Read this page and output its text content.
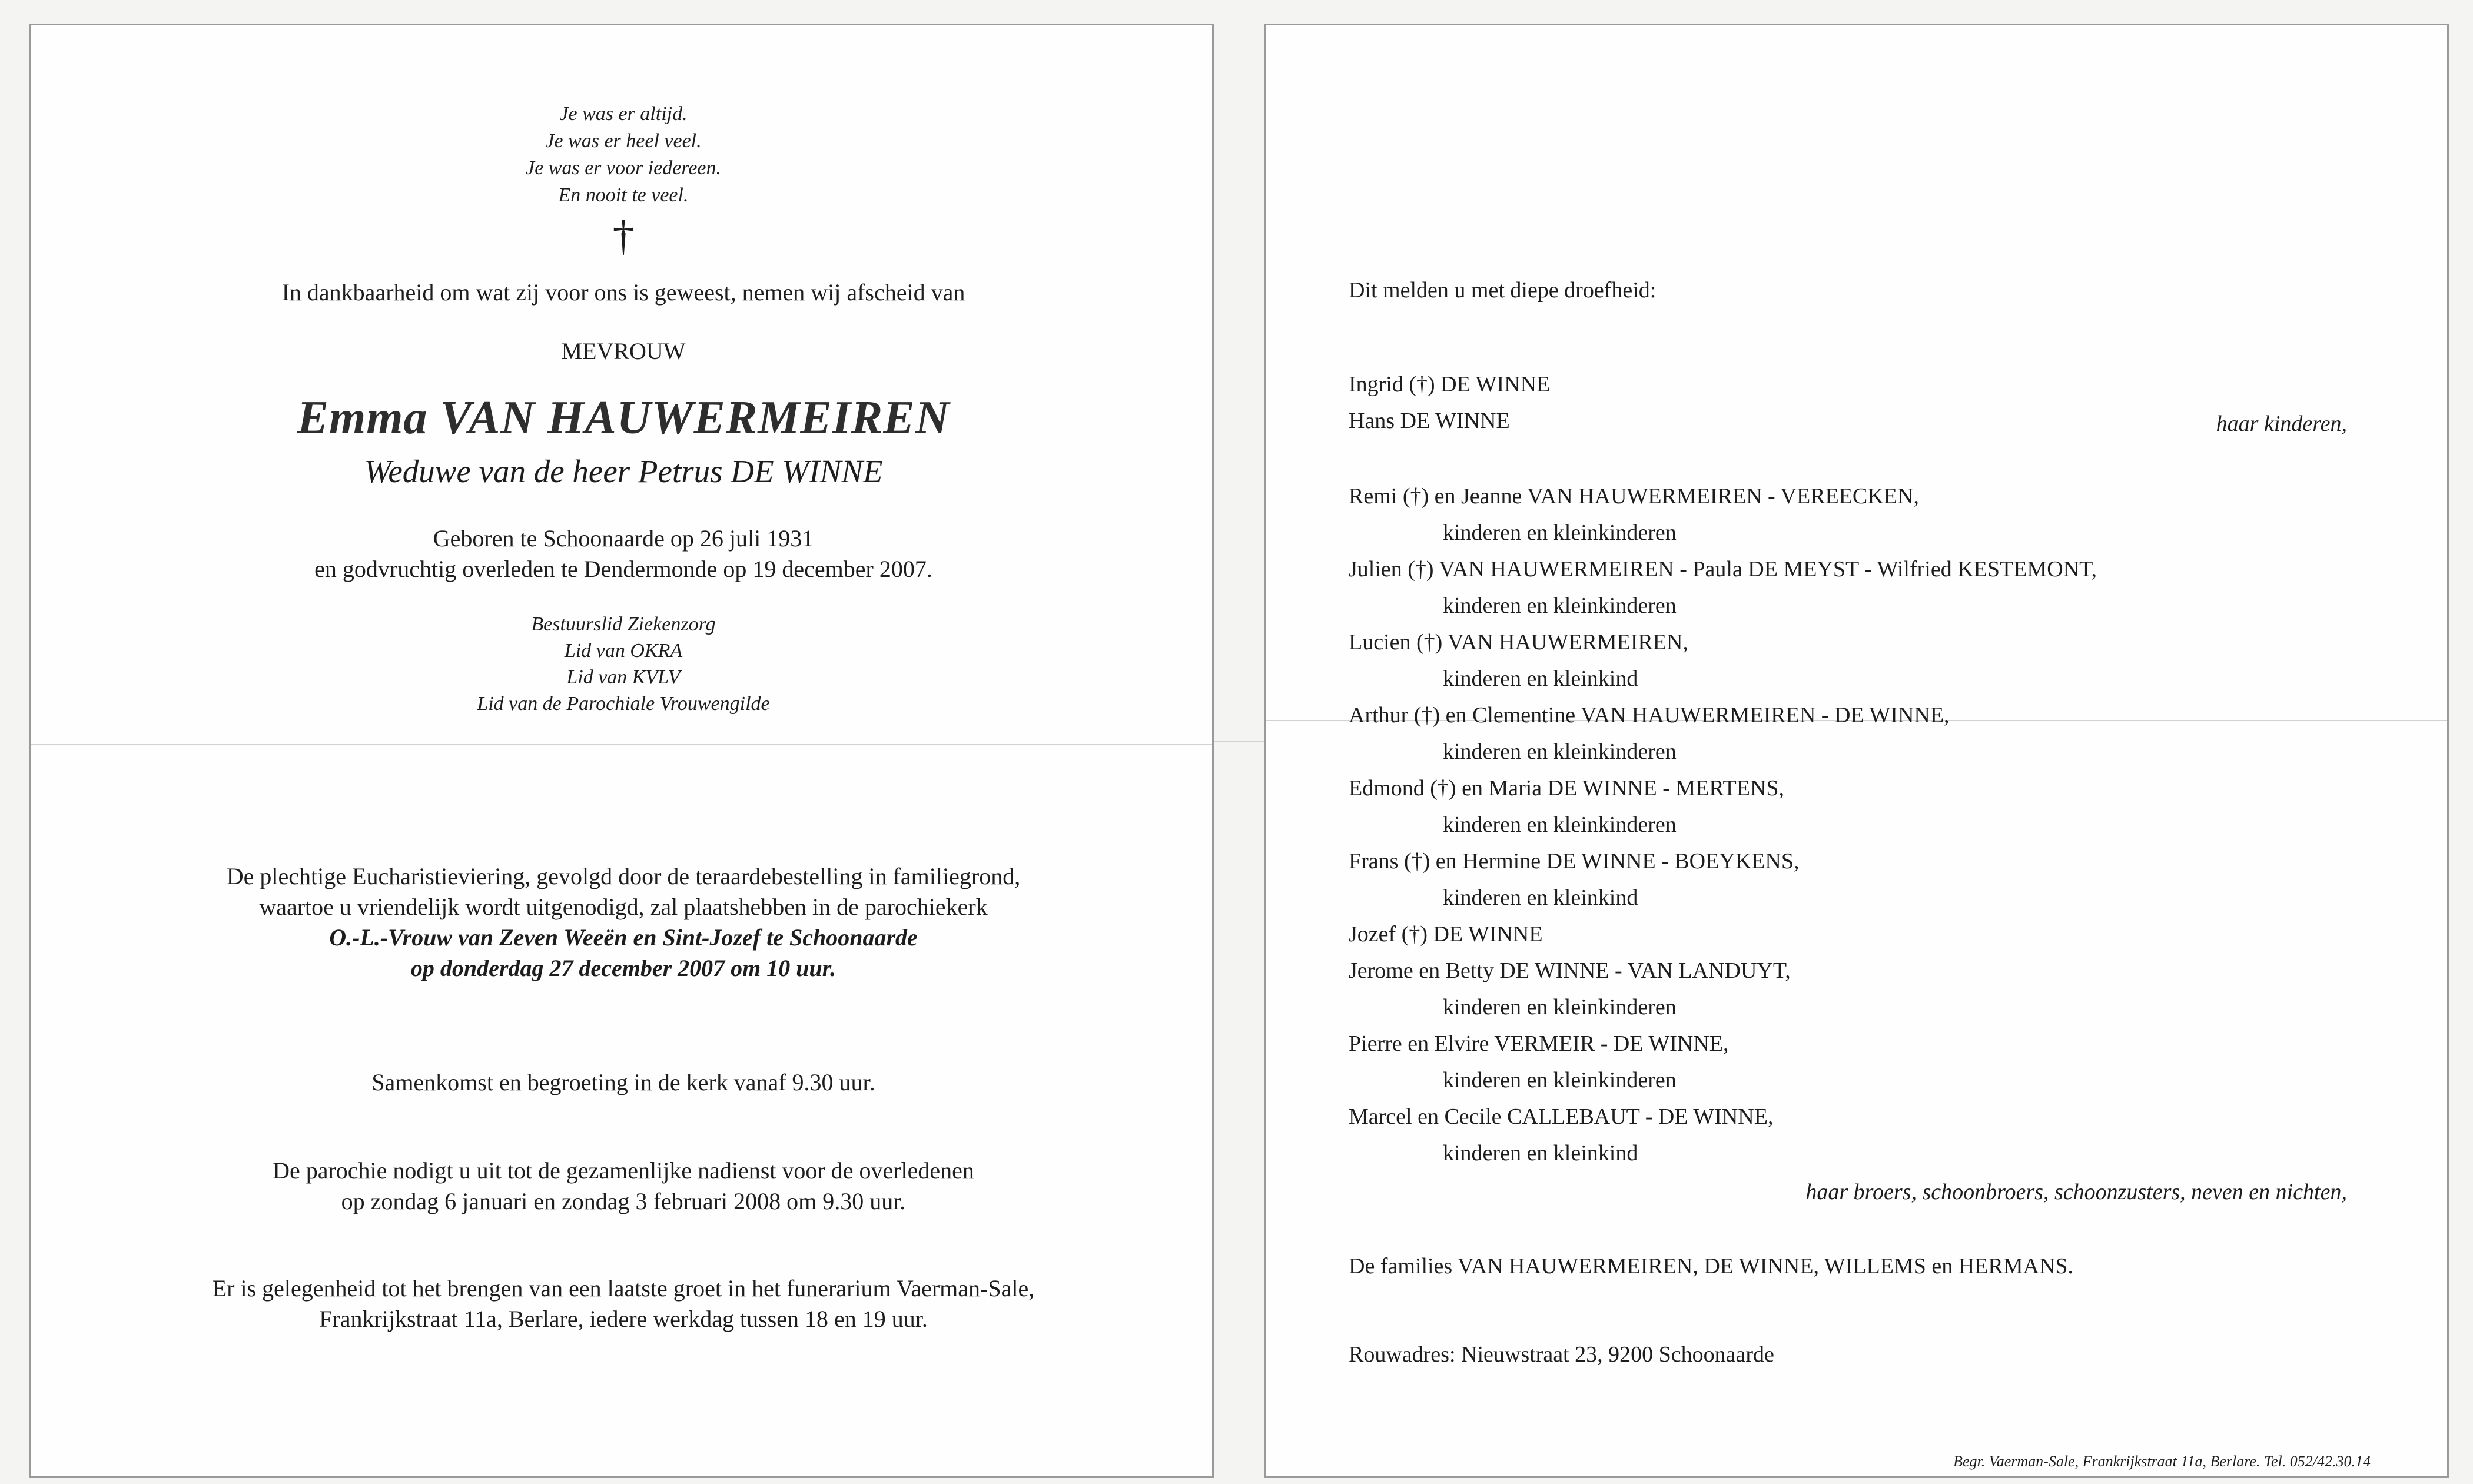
Je was er altijd.
Je was er heel veel.
Je was er voor iedereen.
En nooit te veel.
†
In dankbaarheid om wat zij voor ons is geweest, nemen wij afscheid van
MEVROUW
Emma VAN HAUWERMEIREN
Weduwe van de heer Petrus DE WINNE
Geboren te Schoonaarde op 26 juli 1931
en godvruchtig overleden te Dendermonde op 19 december 2007.
Bestuurslid Ziekenzorg
Lid van OKRA
Lid van KVLV
Lid van de Parochiale Vrouwengilde
De plechtige Eucharistieviering, gevolgd door de teraardebestelling in familiegrond,
waartoe u vriendelijk wordt uitgenodigd, zal plaatshebben in de parochiekerk
O.-L.-Vrouw van Zeven Weeën en Sint-Jozef te Schoonaarde
op donderdag 27 december 2007 om 10 uur.
Samenkomst en begroeting in de kerk vanaf 9.30 uur.
De parochie nodigt u uit tot de gezamenlijke nadienst voor de overledenen
op zondag 6 januari en zondag 3 februari 2008 om 9.30 uur.
Er is gelegenheid tot het brengen van een laatste groet in het funerarium Vaerman-Sale,
Frankrijkstraat 11a, Berlare, iedere werkdag tussen 18 en 19 uur.
Dit melden u met diepe droefheid:
Ingrid (†) DE WINNE
Hans DE WINNE	haar kinderen,
Remi (†) en Jeanne VAN HAUWERMEIREN - VEREECKEN,
kinderen en kleinkinderen
Julien (†) VAN HAUWERMEIREN - Paula DE MEYST - Wilfried KESTEMONT,
kinderen en kleinkinderen
Lucien (†) VAN HAUWERMEIREN,
kinderen en kleinkind
Arthur (†) en Clementine VAN HAUWERMEIREN - DE WINNE,
kinderen en kleinkinderen
Edmond (†) en Maria DE WINNE - MERTENS,
kinderen en kleinkinderen
Frans (†) en Hermine DE WINNE - BOEYKENS,
kinderen en kleinkind
Jozef (†) DE WINNE
Jerome en Betty DE WINNE - VAN LANDUYT,
kinderen en kleinkinderen
Pierre en Elvire VERMEIR - DE WINNE,
kinderen en kleinkinderen
Marcel en Cecile CALLEBAUT - DE WINNE,
kinderen en kleinkind
haar broers, schoonbroers, schoonzusters, neven en nichten,
De families VAN HAUWERMEIREN, DE WINNE, WILLEMS en HERMANS.
Rouwadres: Nieuwstraat 23, 9200 Schoonaarde
Begr. Vaerman-Sale, Frankrijkstraat 11a, Berlare. Tel. 052/42.30.14
